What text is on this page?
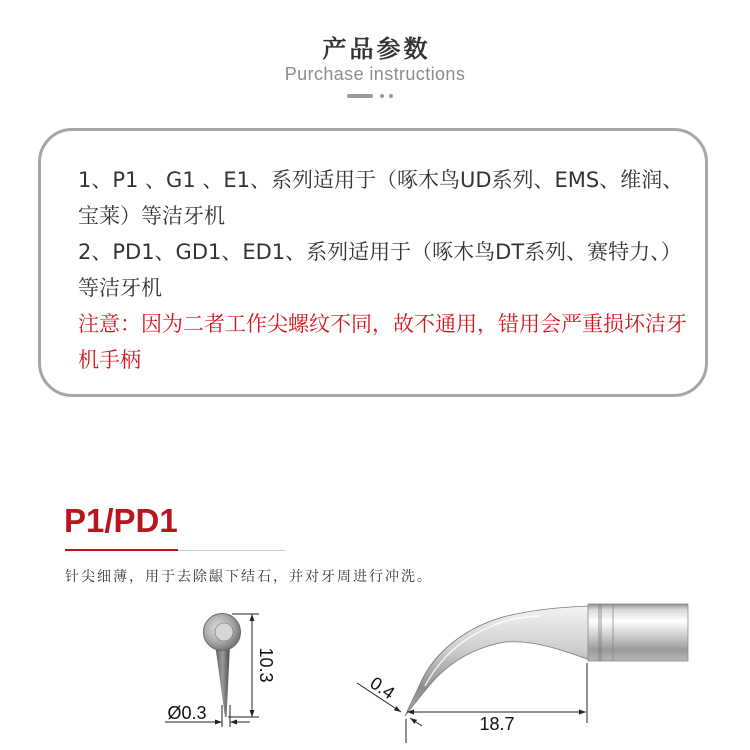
产品参数
Purchase instructions
1、P1 、G1 、E1、系列适用于（啄木鸟UD系列、EMS、维润、
宝莱）等洁牙机
2、PD1、GD1、ED1、系列适用于（啄木鸟DT系列、赛特力、）
等洁牙机
注意：因为二者工作尖螺纹不同，故不通用，错用会严重损坏洁牙
机手柄
P1/PD1
针尖细薄，用于去除龈下结石，并对牙周进行冲洗。
10.3
Ø0.3
18.7
0.4
